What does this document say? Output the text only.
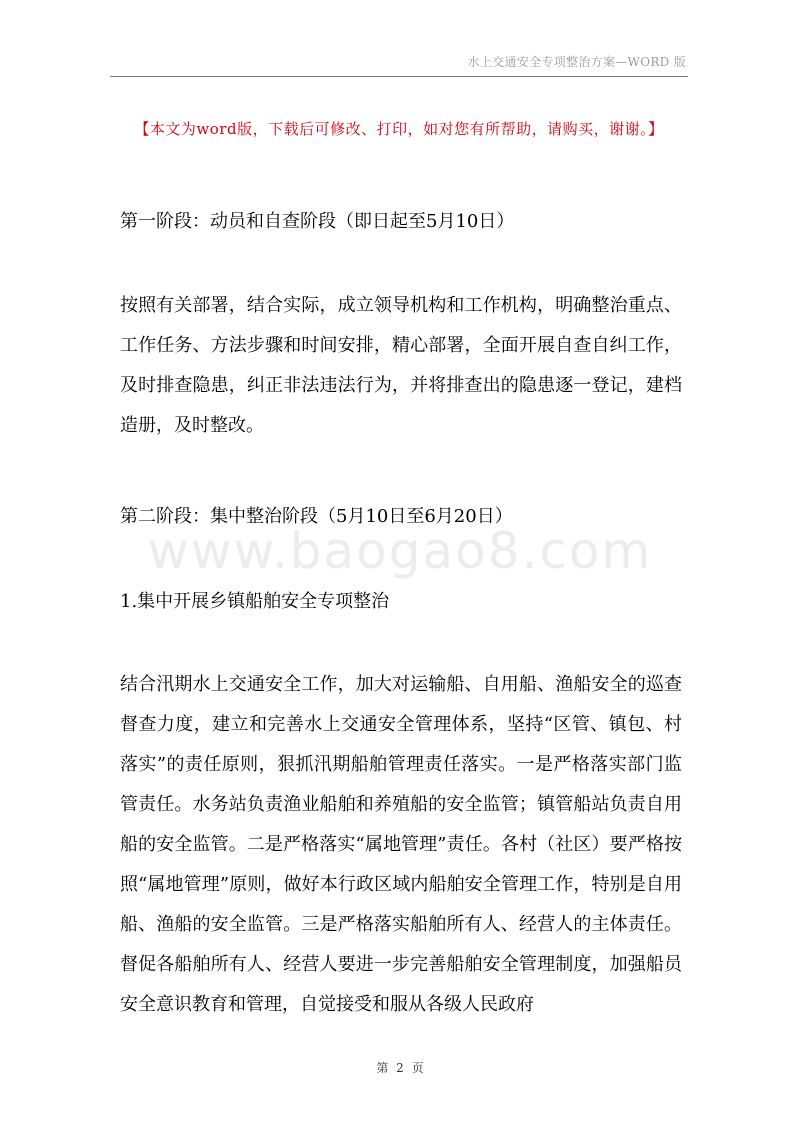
水上交通安全专项整治方案—WORD 版
【本文为word版，下载后可修改、打印，如对您有所帮助，请购买，谢谢。】
www.baogao8.com

第一阶段：动员和自查阶段（即日起至5月10日）

按照有关部署，结合实际，成立领导机构和工作机构，明确整治重点、工作任务、方法步骤和时间安排，精心部署，全面开展自查自纠工作，及时排查隐患，纠正非法违法行为，并将排查出的隐患逐一登记，建档造册，及时整改。

第二阶段：集中整治阶段（5月10日至6月20日）

1.集中开展乡镇船舶安全专项整治

结合汛期水上交通安全工作，加大对运输船、自用船、渔船安全的巡查督查力度，建立和完善水上交通安全管理体系，坚持“区管、镇包、村落实”的责任原则，狠抓汛期船舶管理责任落实。一是严格落实部门监管责任。水务站负责渔业船舶和养殖船的安全监管；镇管船站负责自用船的安全监管。二是严格落实“属地管理”责任。各村（社区）要严格按照“属地管理”原则，做好本行政区域内船舶安全管理工作，特别是自用船、渔船的安全监管。三是严格落实船舶所有人、经营人的主体责任。督促各船舶所有人、经营人要进一步完善船舶安全管理制度，加强船员安全意识教育和管理，自觉接受和服从各级人民政府

第 2 页
